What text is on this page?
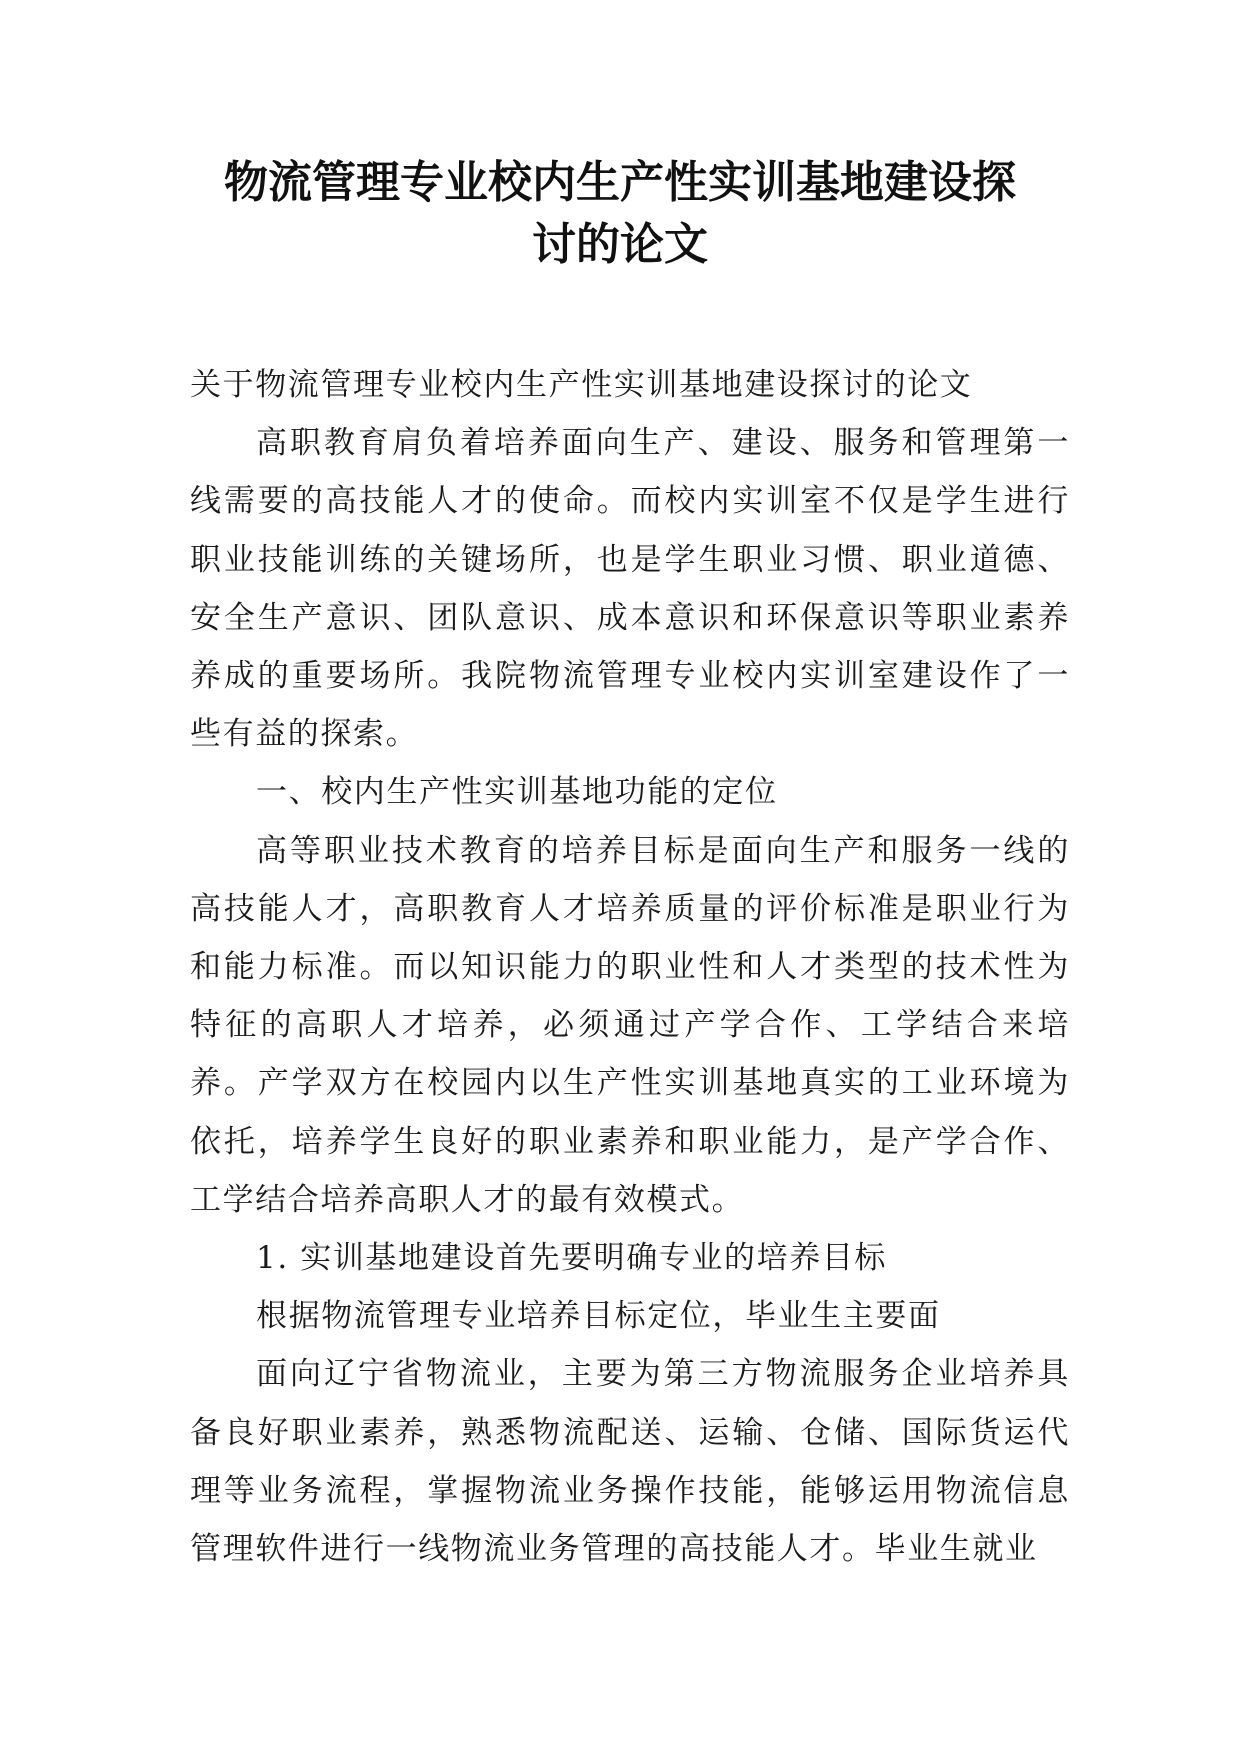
物流管理专业校内生产性实训基地建设探
讨的论文

关于物流管理专业校内生产性实训基地建设探讨的论文

高职教育肩负着培养面向生产、建设、服务和管理第一线需要的高技能人才的使命。而校内实训室不仅是学生进行职业技能训练的关键场所，也是学生职业习惯、职业道德、安全生产意识、团队意识、成本意识和环保意识等职业素养养成的重要场所。我院物流管理专业校内实训室建设作了一些有益的探索。

一、校内生产性实训基地功能的定位

高等职业技术教育的培养目标是面向生产和服务一线的高技能人才，高职教育人才培养质量的评价标准是职业行为和能力标准。而以知识能力的职业性和人才类型的技术性为特征的高职人才培养，必须通过产学合作、工学结合来培养。产学双方在校园内以生产性实训基地真实的工业环境为依托，培养学生良好的职业素养和职业能力，是产学合作、工学结合培养高职人才的最有效模式。

1. 实训基地建设首先要明确专业的培养目标

根据物流管理专业培养目标定位，毕业生主要面

面向辽宁省物流业，主要为第三方物流服务企业培养具备良好职业素养，熟悉物流配送、运输、仓储、国际货运代理等业务流程，掌握物流业务操作技能，能够运用物流信息管理软件进行一线物流业务管理的高技能人才。毕业生就业
